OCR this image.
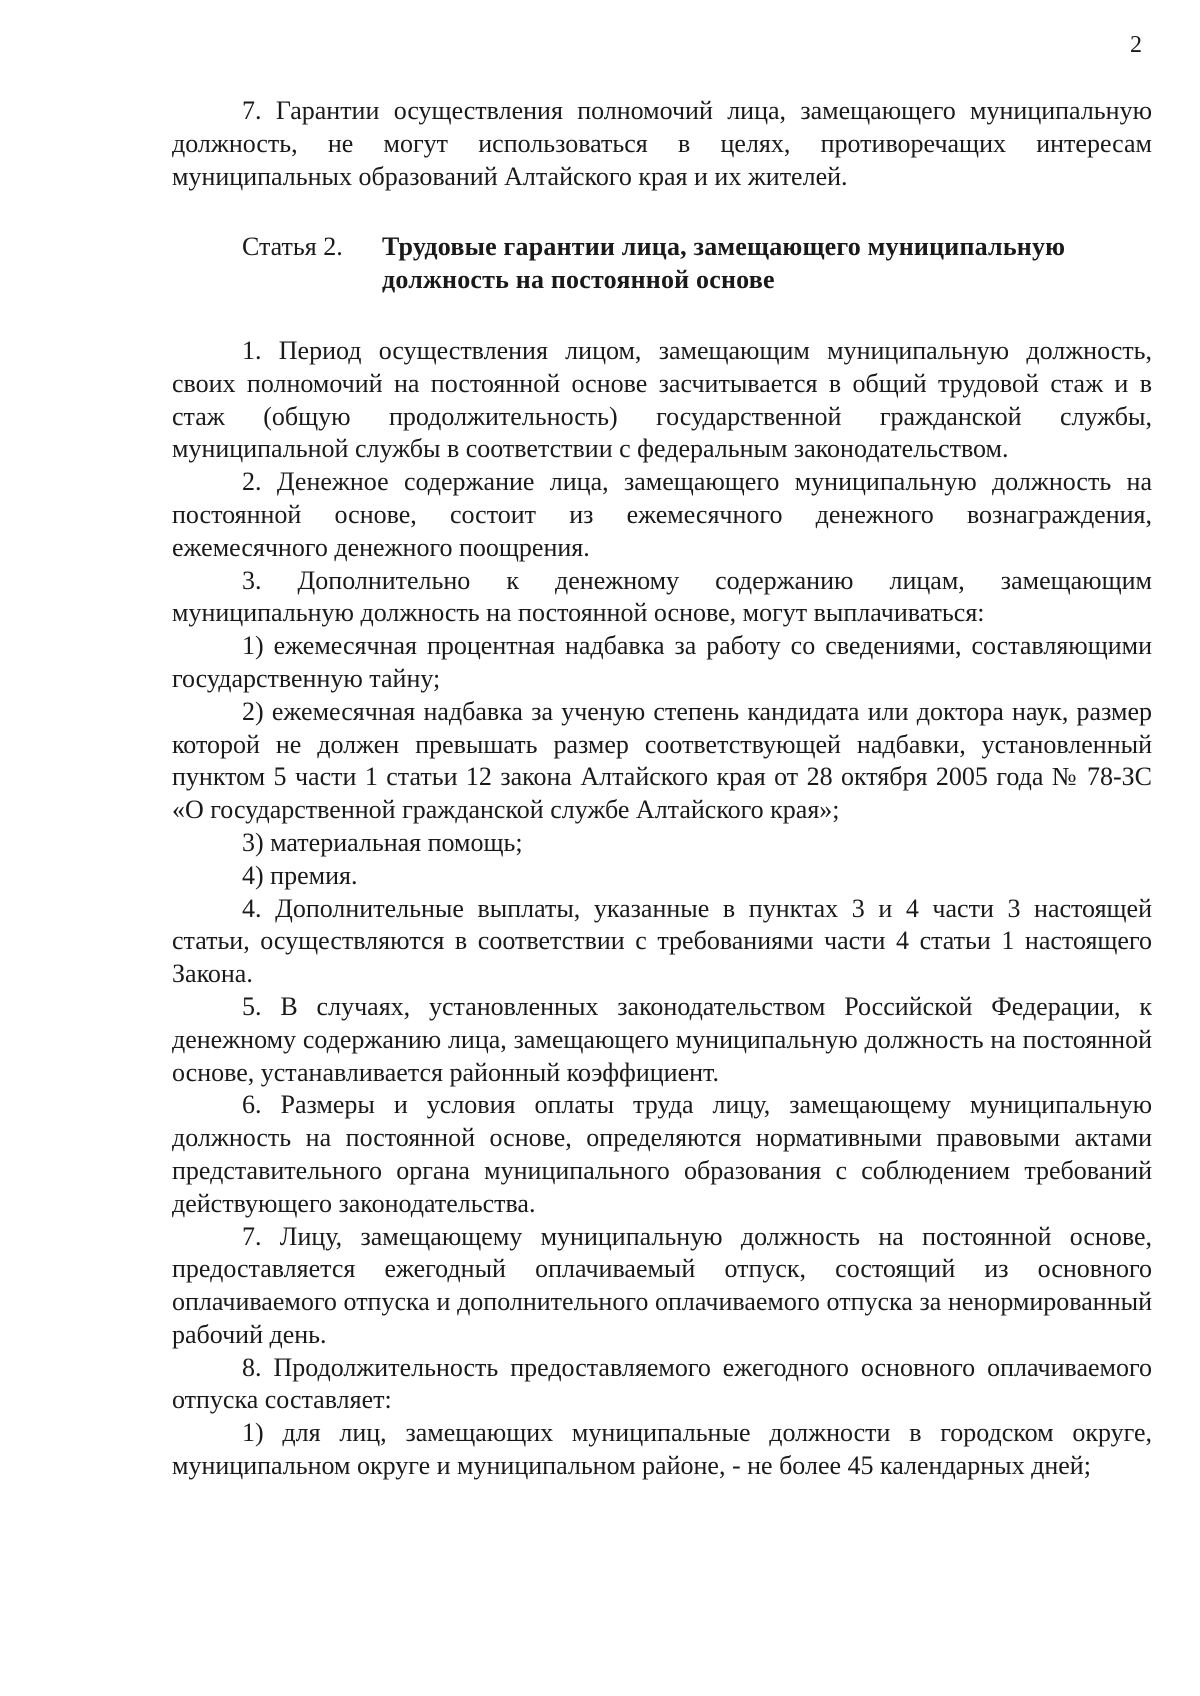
2

7. Гарантии осуществления полномочий лица, замещающего муниципальную должность, не могут использоваться в целях, противоречащих интересам муниципальных образований Алтайского края и их жителей.

Статья 2.	Трудовые гарантии лица, замещающего муниципальную должность на постоянной основе

1. Период осуществления лицом, замещающим муниципальную должность, своих полномочий на постоянной основе засчитывается в общий трудовой стаж и в стаж (общую продолжительность) государственной гражданской службы, муниципальной службы в соответствии с федеральным законодательством.

2. Денежное содержание лица, замещающего муниципальную должность на постоянной основе, состоит из ежемесячного денежного вознаграждения, ежемесячного денежного поощрения.

3. Дополнительно к денежному содержанию лицам, замещающим муниципальную должность на постоянной основе, могут выплачиваться:

1) ежемесячная процентная надбавка за работу со сведениями, составляющими государственную тайну;

2) ежемесячная надбавка за ученую степень кандидата или доктора наук, размер которой не должен превышать размер соответствующей надбавки, установленный пунктом 5 части 1 статьи 12 закона Алтайского края от 28 октября 2005 года № 78-ЗС «О государственной гражданской службе Алтайского края»;

3) материальная помощь;

4) премия.

4. Дополнительные выплаты, указанные в пунктах 3 и 4 части 3 настоящей статьи, осуществляются в соответствии с требованиями части 4 статьи 1 настоящего Закона.

5. В случаях, установленных законодательством Российской Федерации, к денежному содержанию лица, замещающего муниципальную должность на постоянной основе, устанавливается районный коэффициент.

6. Размеры и условия оплаты труда лицу, замещающему муниципальную должность на постоянной основе, определяются нормативными правовыми актами представительного органа муниципального образования с соблюдением требований действующего законодательства.

7. Лицу, замещающему муниципальную должность на постоянной основе, предоставляется ежегодный оплачиваемый отпуск, состоящий из основного оплачиваемого отпуска и дополнительного оплачиваемого отпуска за ненормированный рабочий день.

8. Продолжительность предоставляемого ежегодного основного оплачиваемого отпуска составляет:

1) для лиц, замещающих муниципальные должности в городском округе, муниципальном округе и муниципальном районе, - не более 45 календарных дней;
